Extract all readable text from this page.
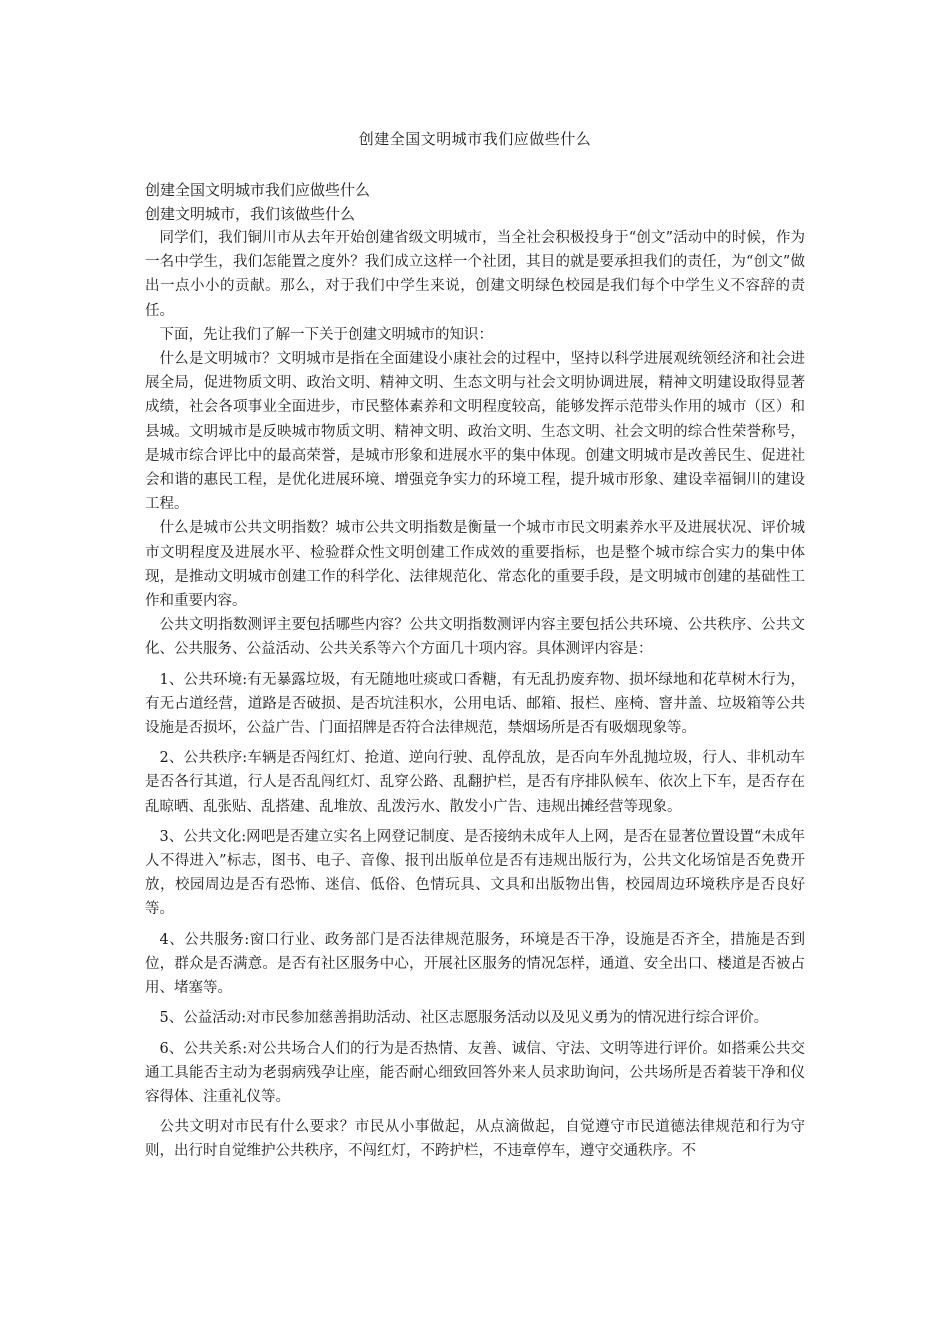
创建全国文明城市我们应做些什么
创建全国文明城市我们应做些什么
创建文明城市，我们该做些什么

同学们，我们铜川市从去年开始创建省级文明城市，当全社会积极投身于“创文”活动中的时候，作为一名中学生，我们怎能置之度外？我们成立这样一个社团，其目的就是要承担我们的责任，为“创文”做出一点小小的贡献。那么，对于我们中学生来说，创建文明绿色校园是我们每个中学生义不容辞的责任。

下面，先让我们了解一下关于创建文明城市的知识：

什么是文明城市？文明城市是指在全面建设小康社会的过程中，坚持以科学进展观统领经济和社会进展全局，促进物质文明、政治文明、精神文明、生态文明与社会文明协调进展，精神文明建设取得显著成绩，社会各项事业全面进步，市民整体素养和文明程度较高，能够发挥示范带头作用的城市（区）和县城。文明城市是反映城市物质文明、精神文明、政治文明、生态文明、社会文明的综合性荣誉称号，是城市综合评比中的最高荣誉，是城市形象和进展水平的集中体现。创建文明城市是改善民生、促进社会和谐的惠民工程，是优化进展环境、增强竞争实力的环境工程，提升城市形象、建设幸福铜川的建设工程。

什么是城市公共文明指数？城市公共文明指数是衡量一个城市市民文明素养水平及进展状况、评价城市文明程度及进展水平、检验群众性文明创建工作成效的重要指标，也是整个城市综合实力的集中体现，是推动文明城市创建工作的科学化、法律规范化、常态化的重要手段，是文明城市创建的基础性工作和重要内容。

公共文明指数测评主要包括哪些内容？公共文明指数测评内容主要包括公共环境、公共秩序、公共文化、公共服务、公益活动、公共关系等六个方面几十项内容。具体测评内容是：

1、公共环境:有无暴露垃圾，有无随地吐痰或口香糖，有无乱扔废弃物、损坏绿地和花草树木行为，有无占道经营，道路是否破损、是否坑洼积水，公用电话、邮箱、报栏、座椅、窨井盖、垃圾箱等公共设施是否损坏，公益广告、门面招牌是否符合法律规范，禁烟场所是否有吸烟现象等。

2、公共秩序:车辆是否闯红灯、抢道、逆向行驶、乱停乱放，是否向车外乱抛垃圾，行人、非机动车是否各行其道，行人是否乱闯红灯、乱穿公路、乱翻护栏，是否有序排队候车、依次上下车，是否存在乱晾晒、乱张贴、乱搭建、乱堆放、乱泼污水、散发小广告、违规出摊经营等现象。

3、公共文化:网吧是否建立实名上网登记制度、是否接纳未成年人上网，是否在显著位置设置“未成年人不得进入”标志，图书、电子、音像、报刊出版单位是否有违规出版行为，公共文化场馆是否免费开放，校园周边是否有恐怖、迷信、低俗、色情玩具、文具和出版物出售，校园周边环境秩序是否良好等。

4、公共服务:窗口行业、政务部门是否法律规范服务，环境是否干净，设施是否齐全，措施是否到位，群众是否满意。是否有社区服务中心，开展社区服务的情况怎样，通道、安全出口、楼道是否被占用、堵塞等。

5、公益活动:对市民参加慈善捐助活动、社区志愿服务活动以及见义勇为的情况进行综合评价。

6、公共关系:对公共场合人们的行为是否热情、友善、诚信、守法、文明等进行评价。如搭乘公共交通工具能否主动为老弱病残孕让座，能否耐心细致回答外来人员求助询问，公共场所是否着装干净和仪容得体、注重礼仪等。

公共文明对市民有什么要求？市民从小事做起，从点滴做起，自觉遵守市民道德法律规范和行为守则，出行时自觉维护公共秩序，不闯红灯，不跨护栏，不违章停车，遵守交通秩序。不
